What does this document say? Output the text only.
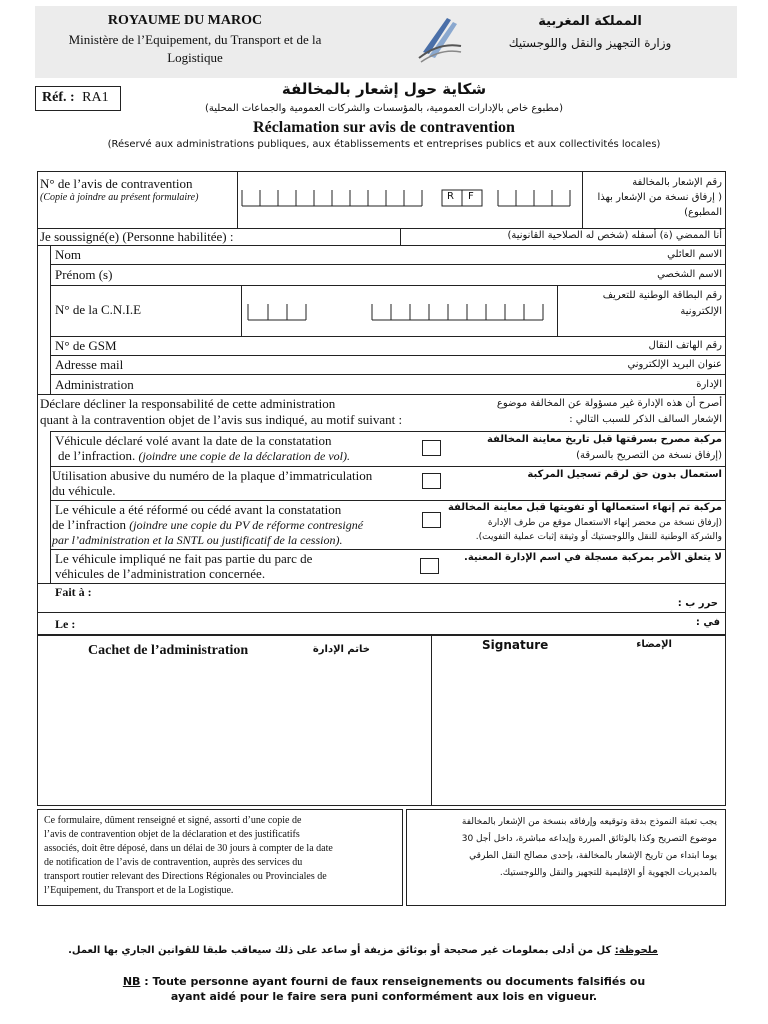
ROYAUME DU MAROC
Ministère de l’Equipement, du Transport et de la
Logistique
المملكة المغربية
وزارة التجهيز والنقل واللوجستيك
Réf. : RA1	شكاية حول إشعار بالمخالفة
(مطبوع خاص بالإدارات العمومية، بالمؤسسات والشركات العمومية والجماعات المحلية)
Réclamation sur avis de contravention
(Réservé aux administrations publiques, aux établissements et entreprises publics et aux collectivités locales)
N° de l’avis de contravention
(Copie à joindre au présent formulaire)	R F
رقم الإشعار بالمخالفة
( إرفاق نسخة من الإشعار بهذا
المطبوع)
Je soussigné(e) (Personne habilitée) :	أنا الممضي (ة) أسفله (شخص له الصلاحية القانونية)
Nom	الاسم العائلي
Prénom (s)	الاسم الشخصي
N° de la C.N.I.E
رقم البطاقة الوطنية للتعريف
الإلكترونية
N° de GSM	رقم الهاتف النقال
Adresse mail	عنوان البريد الإلكتروني
Administration	الإدارة
Déclare décliner la responsabilité de cette administration
quant à la contravention objet de l’avis sus indiqué, au motif suivant :
أصرح أن هذه الإدارة غير مسؤولة عن المخالفة موضوع
الإشعار السالف الذكر للسبب التالي :
Véhicule déclaré volé avant la date de la constatation
de l’infraction. (joindre une copie de la déclaration de vol).
مركبة مصرح بسرقتها قبل تاريخ معاينة المخالفة
(إرفاق نسخة من التصريح بالسرقة)
Utilisation abusive du numéro de la plaque d’immatriculation
du véhicule.
استعمال بدون حق لرقم تسجيل المركبة
Le véhicule a été réformé ou cédé avant la constatation
de l’infraction (joindre une copie du PV de réforme contresigné
par l’administration et la SNTL ou justificatif de la cession).
مركبة تم إنهاء استعمالها أو تفويتها قبل معاينة المخالفة
(إرفاق نسخة من محضر إنهاء الاستعمال موقع من طرف الإدارة
والشركة الوطنية للنقل واللوجستيك أو وثيقة إثبات عملية التفويت).
Le véhicule impliqué ne fait pas partie du parc de
véhicules de l’administration concernée.
لا يتعلق الأمر بمركبة مسجلة في اسم الإدارة المعنية.
Fait à :
حرر ب :
Le :	في :
Cachet de l’administration	خاتم الإدارة	Signature	الإمضاء
Ce formulaire, dûment renseigné et signé, assorti d’une copie de
l’avis de contravention objet de la déclaration et des justificatifs
associés, doit être déposé, dans un délai de 30 jours à compter de la date
de notification de l’avis de contravention, auprès des services du
transport routier relevant des Directions Régionales ou Provinciales de
l’Equipement, du Transport et de la Logistique.
يجب تعبئة النموذج بدقة وتوقيعه وإرفاقه بنسخة من الإشعار بالمخالفة
موضوع التصريح وكذا بالوثائق المبررة وإيداعه مباشرة، داخل أجل 30
يوما ابتداء من تاريخ الإشعار بالمخالفة، بإحدى مصالح النقل الطرقي
بالمديريات الجهوية أو الإقليمية للتجهيز والنقل واللوجستيك.
ملحوظة: كل من أدلى بمعلومات غير صحيحة أو بوثائق مزيفة أو ساعد على ذلك سيعاقب طبقا للقوانين الجاري بها العمل.
NB : Toute personne ayant fourni de faux renseignements ou documents falsifiés ou
ayant aidé pour le faire sera puni conformément aux lois en vigueur.
